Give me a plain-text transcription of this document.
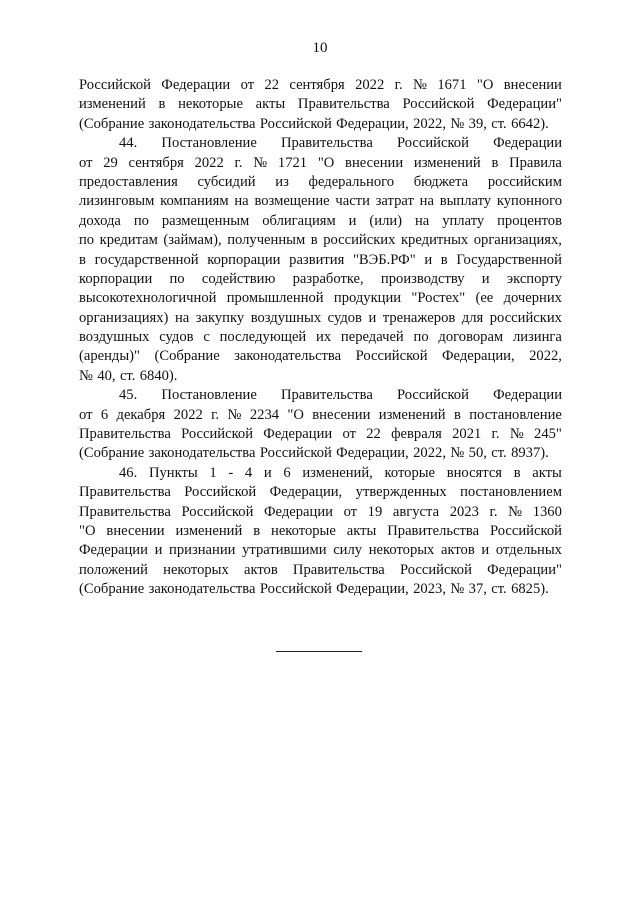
10
Российской Федерации от 22 сентября 2022 г. № 1671 "О внесении
изменений в некоторые акты Правительства Российской Федерации"
(Собрание законодательства Российской Федерации, 2022, № 39, ст. 6642).
44. Постановление Правительства Российской Федерации
от 29 сентября 2022 г. № 1721 "О внесении изменений в Правила
предоставления субсидий из федерального бюджета российским
лизинговым компаниям на возмещение части затрат на выплату купонного
дохода по размещенным облигациям и (или) на уплату процентов
по кредитам (займам), полученным в российских кредитных организациях,
в государственной корпорации развития "ВЭБ.РФ" и в Государственной
корпорации по содействию разработке, производству и экспорту
высокотехнологичной промышленной продукции "Ростех" (ее дочерних
организациях) на закупку воздушных судов и тренажеров для российских
воздушных судов с последующей их передачей по договорам лизинга
(аренды)" (Собрание законодательства Российской Федерации, 2022,
№ 40, ст. 6840).
45. Постановление Правительства Российской Федерации
от 6 декабря 2022 г. № 2234 "О внесении изменений в постановление
Правительства Российской Федерации от 22 февраля 2021 г. № 245"
(Собрание законодательства Российской Федерации, 2022, № 50, ст. 8937).
46. Пункты 1 - 4 и 6 изменений, которые вносятся в акты
Правительства Российской Федерации, утвержденных постановлением
Правительства Российской Федерации от 19 августа 2023 г. № 1360
"О внесении изменений в некоторые акты Правительства Российской
Федерации и признании утратившими силу некоторых актов и отдельных
положений некоторых актов Правительства Российской Федерации"
(Собрание законодательства Российской Федерации, 2023, № 37, ст. 6825).
